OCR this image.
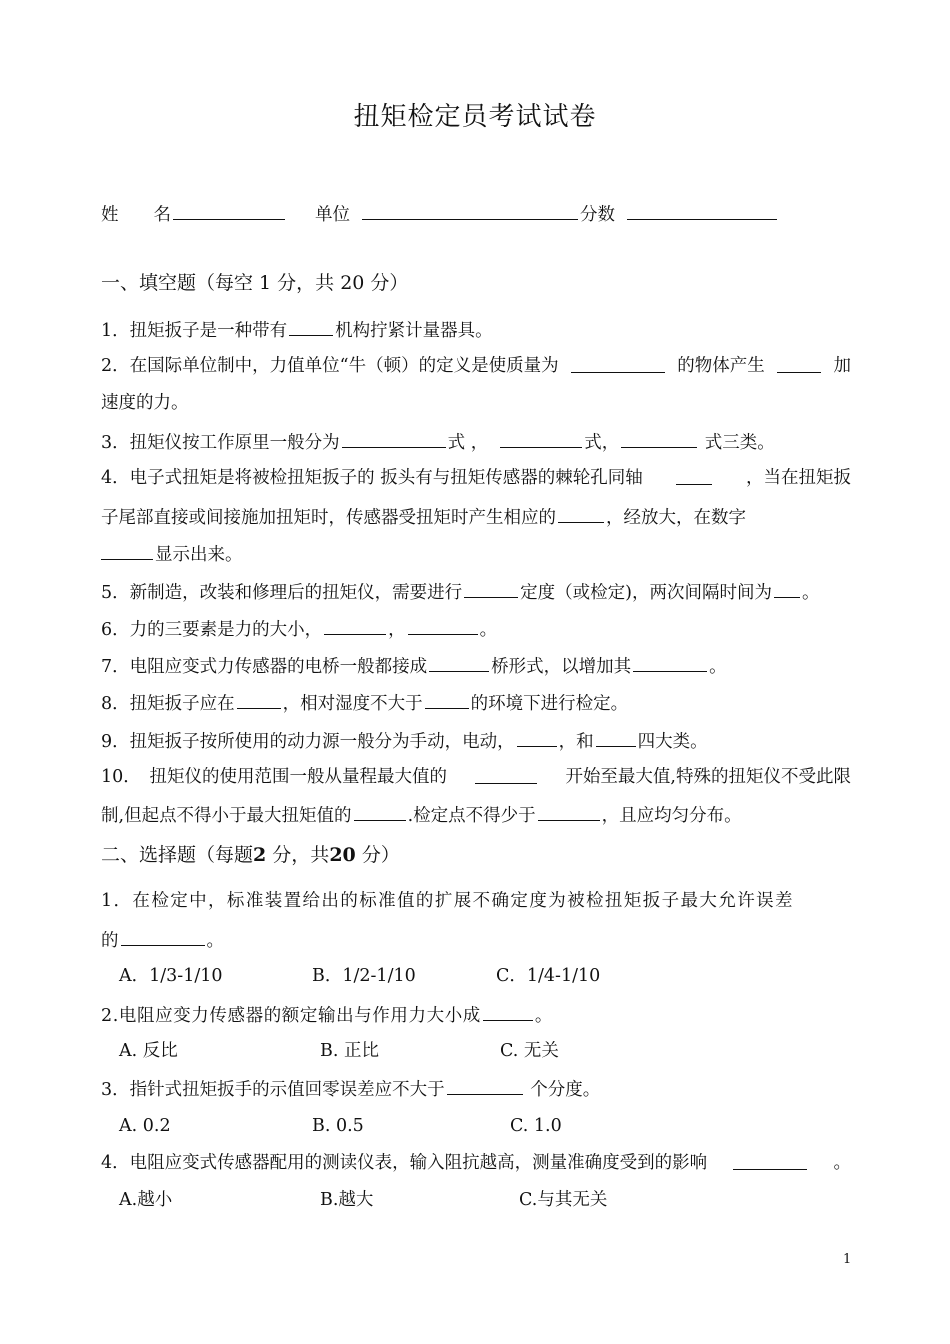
扭矩检定员考试试卷
姓　　名	单位	分数
一、填空题（每空 1 分，共 20 分）
1．扭矩扳子是一种带有	机构拧紧计量器具。
2．在国际单位制中，力值单位“牛（顿）的定义是使质量为	的物体产生	加
速度的力。
3．扭矩仪按工作原里一般分为	式 ，	式，	式三类。
4．电子式扭矩是将被检扭矩扳子的 扳头有与扭矩传感器的棘轮孔同轴	，当在扭矩扳
子尾部直接或间接施加扭矩时，传感器受扭矩时产生相应的	，经放大，在数字
显示出来。
5．新制造，改装和修理后的扭矩仪，需要进行	定度（或检定)，两次间隔时间为 。
6．力的三要素是力的大小，	，	。
7．电阻应变式力传感器的电桥一般都接成	桥形式，以增加其	。
8．扭矩扳子应在	，相对湿度不大于	的环境下进行检定。
9．扭矩扳子按所使用的动力源一般分为手动，电动，	，和	四大类。
10．　扭矩仪的使用范围一般从量程最大值的	开始至最大值,特殊的扭矩仪不受此限
制,但起点不得小于最大扭矩值的	.检定点不得少于	，且应均匀分布。
二、选择题（每题2 分，共20 分）
1．在检定中，标准装置给出的标准值的扩展不确定度为被检扭矩扳子最大允许误差
的	。
A．1/3-1/10	B．1/2-1/10	C．1/4-1/10
2.电阻应变力传感器的额定输出与作用力大小成	。
A. 反比	B. 正比	C. 无关
3．指针式扭矩扳手的示值回零误差应不大于	个分度。
A. 0.2	B. 0.5	C. 1.0
4．电阻应变式传感器配用的测读仪表，输入阻抗越高，测量准确度受到的影响	。
A.越小	B.越大	C.与其无关
1
